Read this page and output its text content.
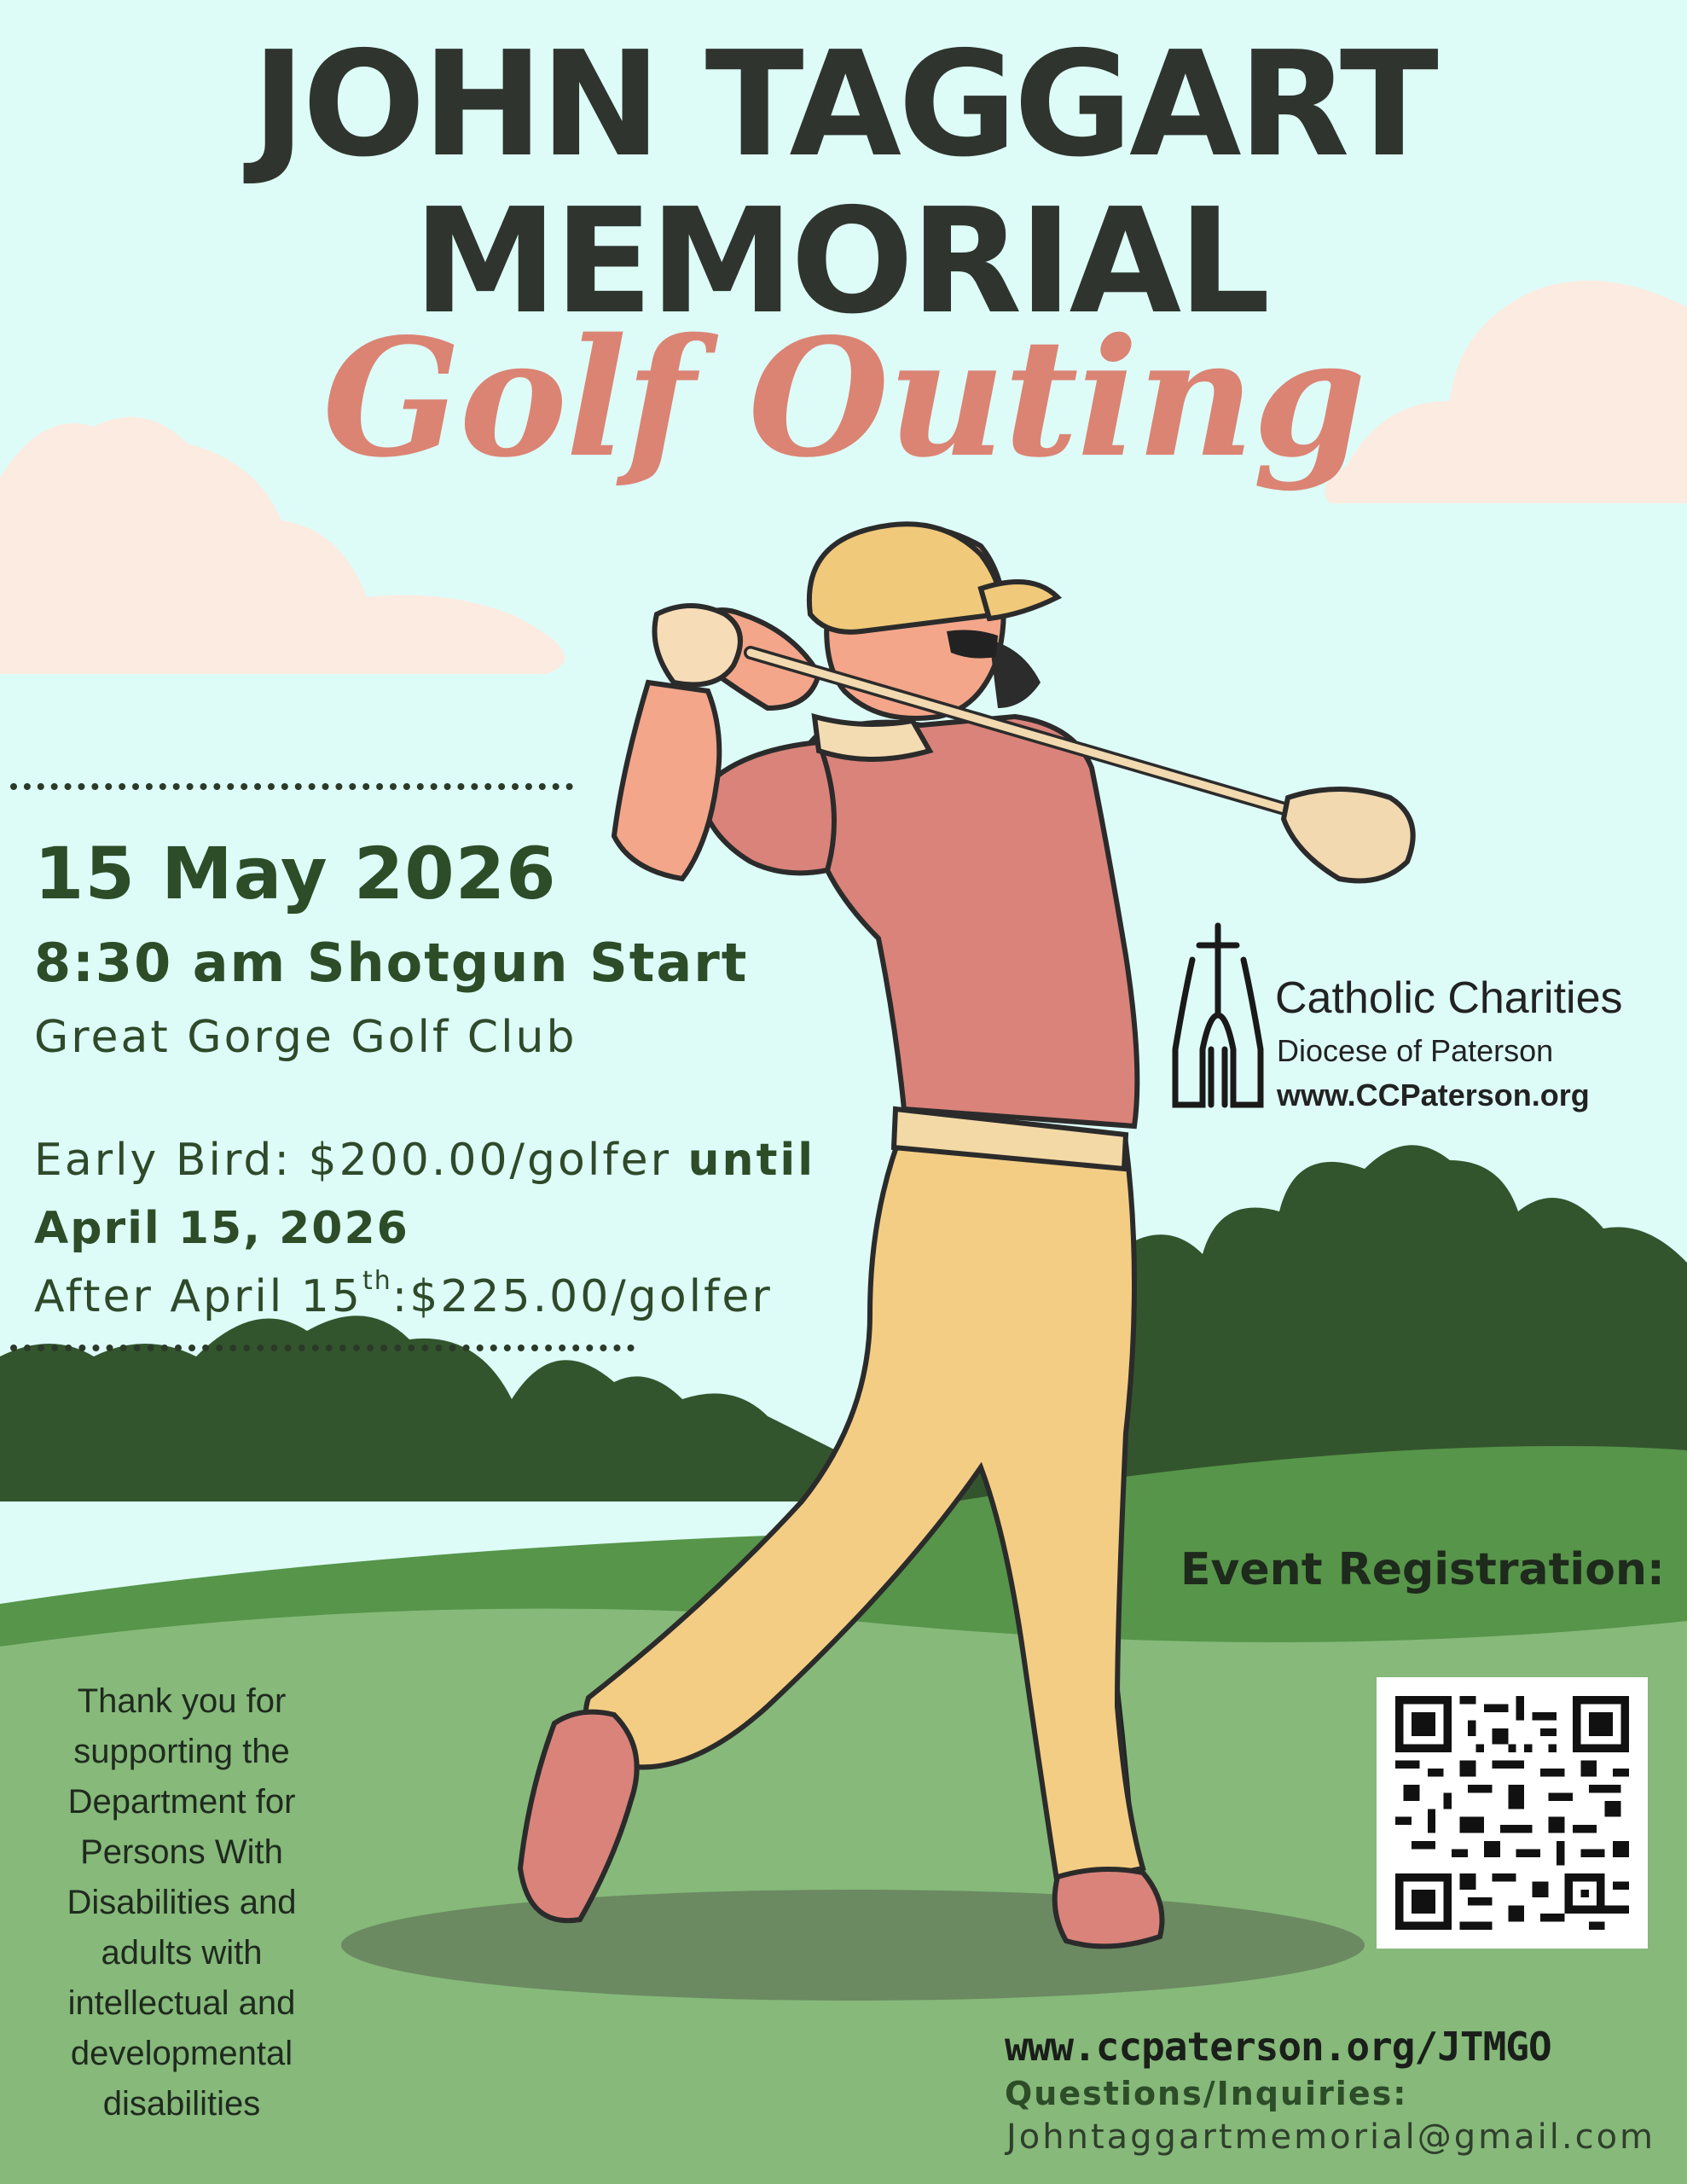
JOHN TAGGART
MEMORIAL
Golf Outing
15 May 2026
8:30 am Shotgun Start
Great Gorge Golf Club
Early Bird: $200.00/golfer until
April 15, 2026
After April 15th:$225.00/golfer
Catholic Charities
Diocese of Paterson
www.CCPaterson.org
Event Registration:
Thank you for
supporting the
Department for
Persons With
Disabilities and
adults with
intellectual and
developmental
disabilities
www.ccpaterson.org/JTMGO
Questions/Inquiries:
Johntaggartmemorial@gmail.com
